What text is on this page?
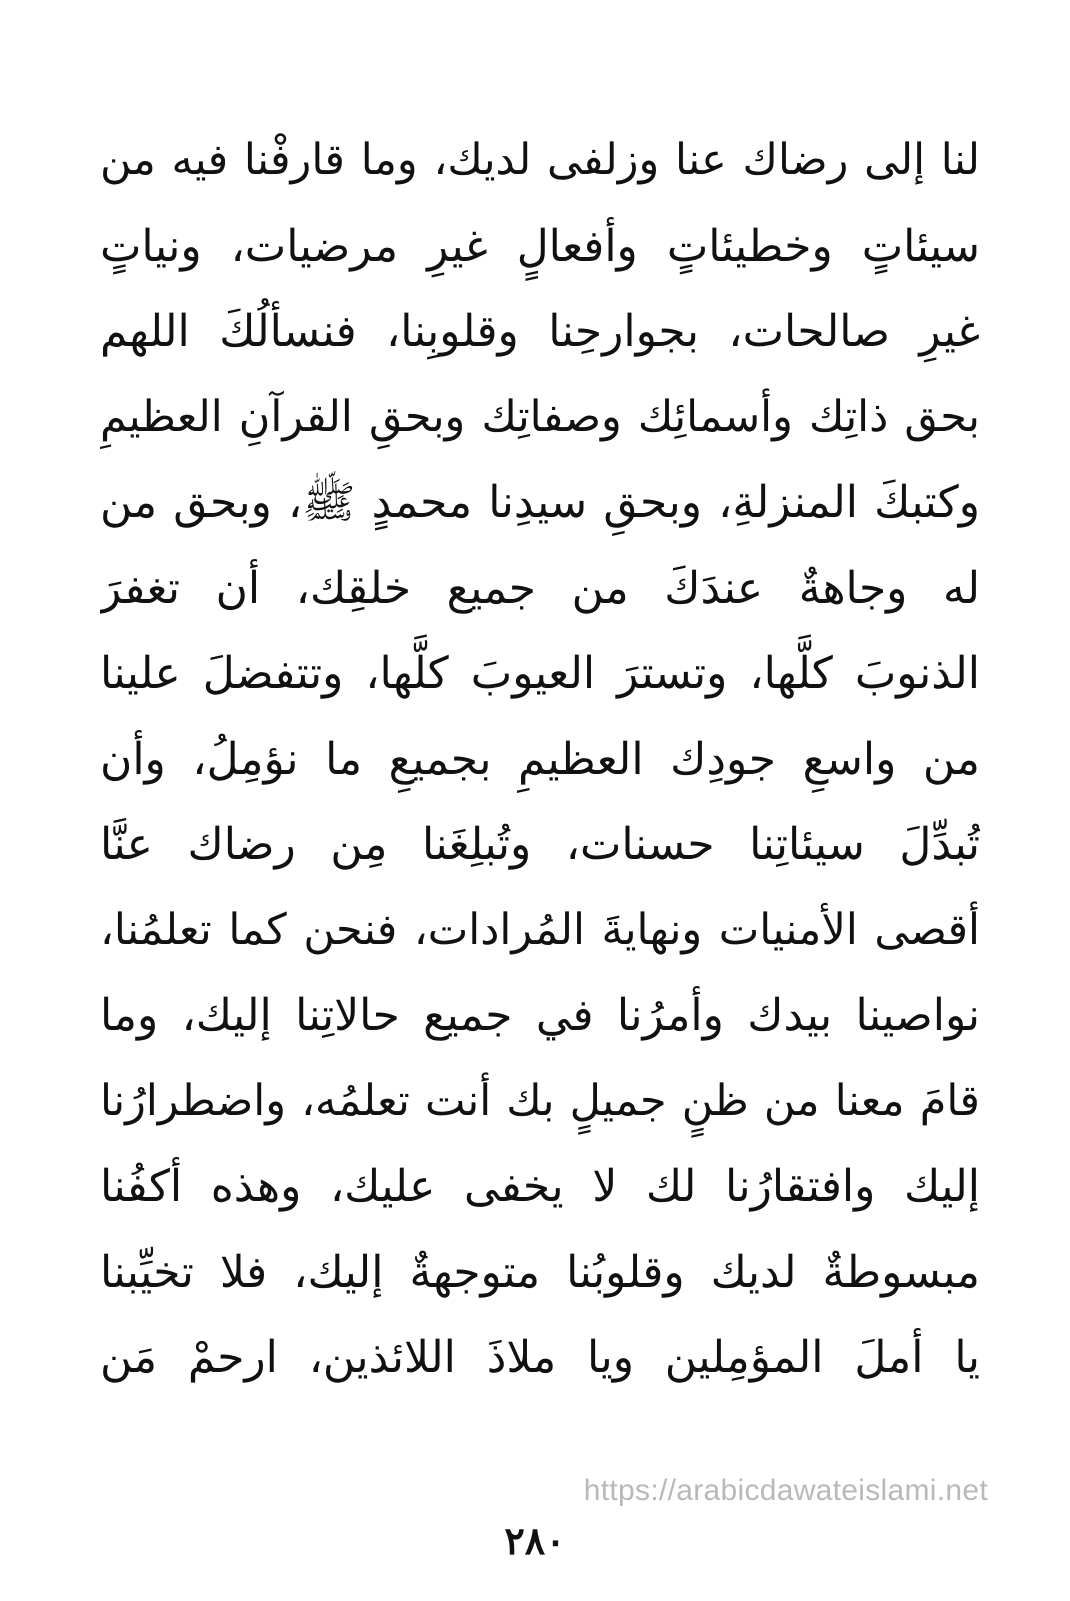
لنا إلى رضاك عنا وزلفى لديك، وما قارفْنا فيه من
سيئاتٍ وخطيئاتٍ وأفعالٍ غيرِ مرضيات، ونياتٍ
غيرِ صالحات، بجوارحِنا وقلوبِنا، فنسألُكَ اللهم
بحق ذاتِك وأسمائِك وصفاتِك وبحقِ القرآنِ العظيمِ
وكتبكَ المنزلةِ، وبحقِ سيدِنا محمدٍ ﷺ، وبحق من
له وجاهةٌ عندَكَ من جميع خلقِك، أن تغفرَ
الذنوبَ كلَّها، وتسترَ العيوبَ كلَّها، وتتفضلَ علينا
من واسعِ جودِك العظيمِ بجميعِ ما نؤمِلُ، وأن
تُبدِّلَ سيئاتِنا حسنات، وتُبلِغَنا مِن رضاك عنَّا
أقصى الأمنيات ونهايةَ المُرادات، فنحن كما تعلمُنا،
نواصينا بيدك وأمرُنا في جميع حالاتِنا إليك، وما
قامَ معنا من ظنٍ جميلٍ بك أنت تعلمُه، واضطرارُنا
إليك وافتقارُنا لك لا يخفى عليك، وهذه أكفُنا
مبسوطةٌ لديك وقلوبُنا متوجهةٌ إليك، فلا تخيِّبنا
يا أملَ المؤمِلين ويا ملاذَ اللائذين، ارحمْ مَن
https://arabicdawateislami.net
٢٨٠
